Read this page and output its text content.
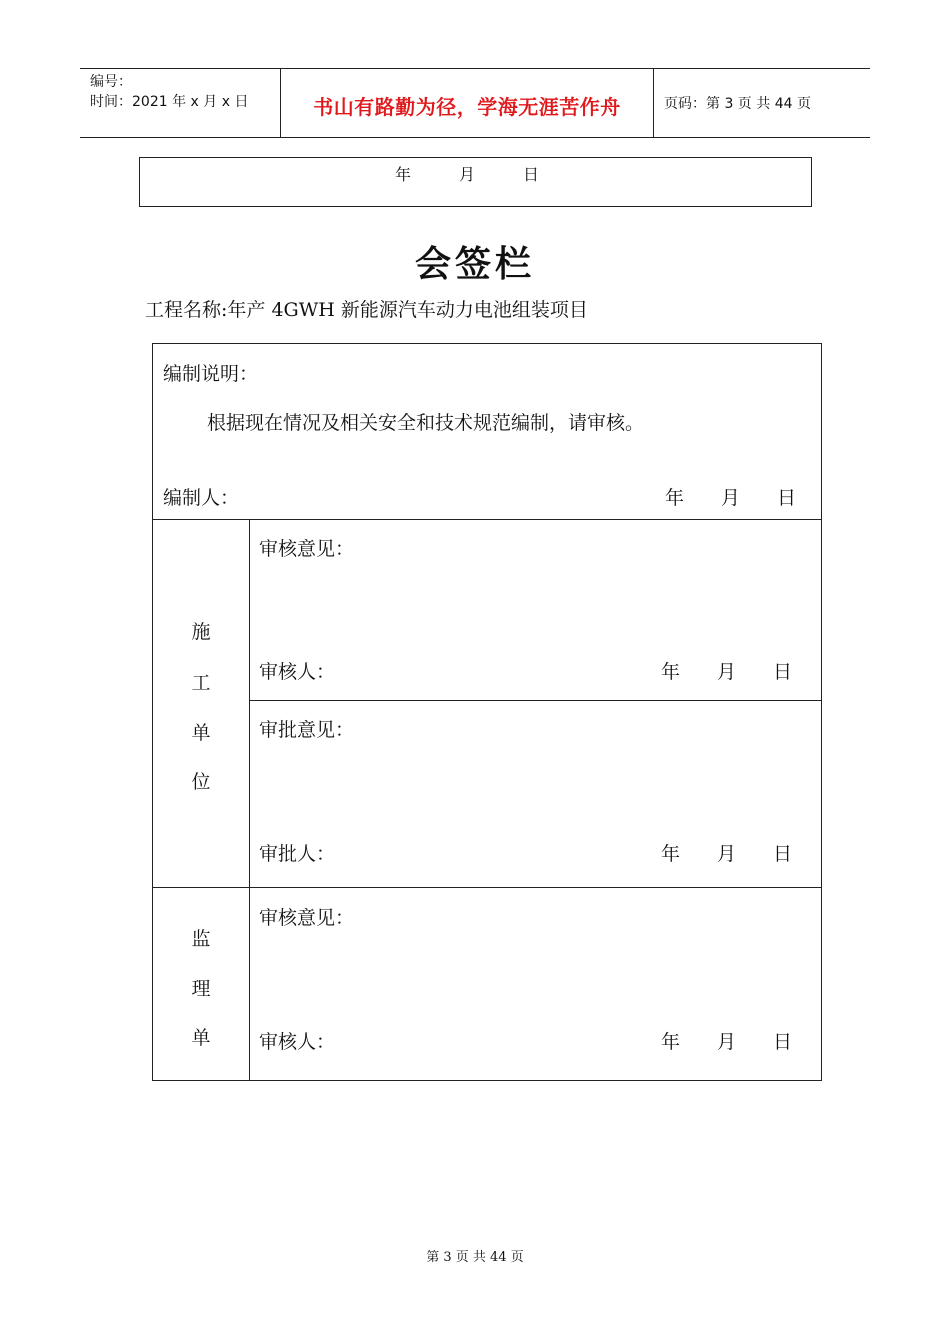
编号：
时间：2021 年 x 月 x 日	书山有路勤为径，学海无涯苦作舟	页码：第 3 页 共 44 页
年	月	日
会签栏
工程名称:年产 4GWH 新能源汽车动力电池组装项目
编制说明：
根据现在情况及相关安全和技术规范编制，请审核。
编制人：	年 月 日
施
工
单
位
审核意见：
审核人：	年 月 日
审批意见：
审批人：	年 月 日
监
理
单
审核意见：
审核人：	年 月 日
第 3 页 共 44 页
